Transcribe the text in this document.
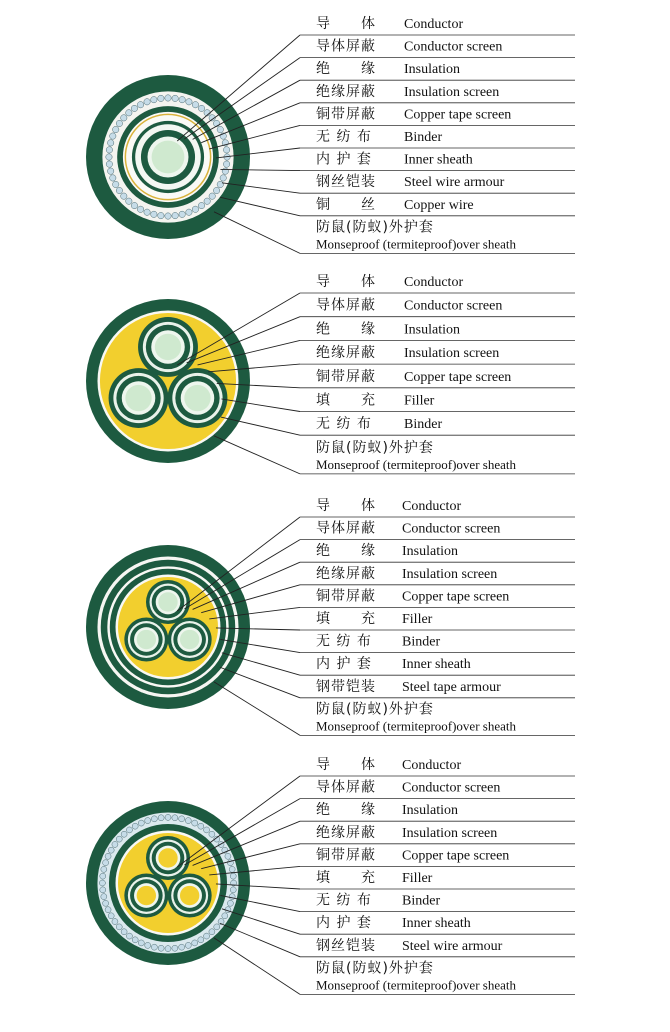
导　　体 Conductor
导体屏蔽 Conductor screen
绝　　缘 Insulation
绝缘屏蔽 Insulation screen
铜带屏蔽 Copper tape screen
无 纺 布 Binder
内 护 套 Inner sheath
钢丝铠装 Steel wire armour
铜　　丝 Copper wire
防鼠(防蚁)外护套
Monseproof (termiteproof)over sheath
导　　体 Conductor
导体屏蔽 Conductor screen
绝　　缘 Insulation
绝缘屏蔽 Insulation screen
铜带屏蔽 Copper tape screen
填　　充 Filler
无 纺 布 Binder
防鼠(防蚁)外护套
Monseproof (termiteproof)over sheath
导　　体 Conductor
导体屏蔽 Conductor screen
绝　　缘 Insulation
绝缘屏蔽 Insulation screen
铜带屏蔽 Copper tape screen
填　　充 Filler
无 纺 布 Binder
内 护 套 Inner sheath
钢带铠装 Steel tape armour
防鼠(防蚁)外护套
Monseproof (termiteproof)over sheath
导　　体 Conductor
导体屏蔽 Conductor screen
绝　　缘 Insulation
绝缘屏蔽 Insulation screen
铜带屏蔽 Copper tape screen
填　　充 Filler
无 纺 布 Binder
内 护 套 Inner sheath
钢丝铠装 Steel wire armour
防鼠(防蚁)外护套
Monseproof (termiteproof)over sheath
